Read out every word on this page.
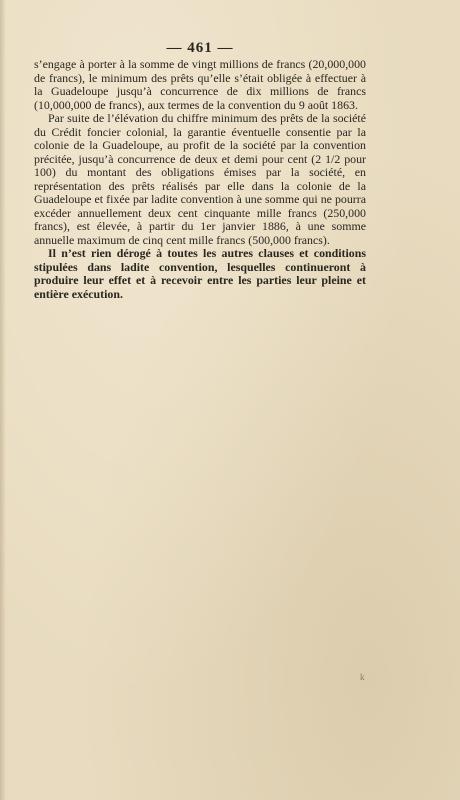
— 461 —

s’engage à porter à la somme de vingt millions de francs (20,000,000 de francs), le minimum des prêts qu’elle s’était obligée à effectuer à la Guadeloupe jusqu’à concurrence de dix millions de francs (10,000,000 de francs), aux termes de la convention du 9 août 1863.

Par suite de l’élévation du chiffre minimum des prêts de la société du Crédit foncier colonial, la garantie éventuelle consentie par la colonie de la Guadeloupe, au profit de la société par la convention précitée, jusqu’à concurrence de deux et demi pour cent (2 1/2 pour 100) du montant des obligations émises par la société, en représentation des prêts réalisés par elle dans la colonie de la Guadeloupe et fixée par ladite convention à une somme qui ne pourra excéder annuellement deux cent cinquante mille francs (250,000 francs), est élevée, à partir du 1er janvier 1886, à une somme annuelle maximum de cinq cent mille francs (500,000 francs).

Il n’est rien dérogé à toutes les autres clauses et conditions stipulées dans ladite convention, lesquelles continueront à produire leur effet et à recevoir entre les parties leur pleine et entière exécution.

k
